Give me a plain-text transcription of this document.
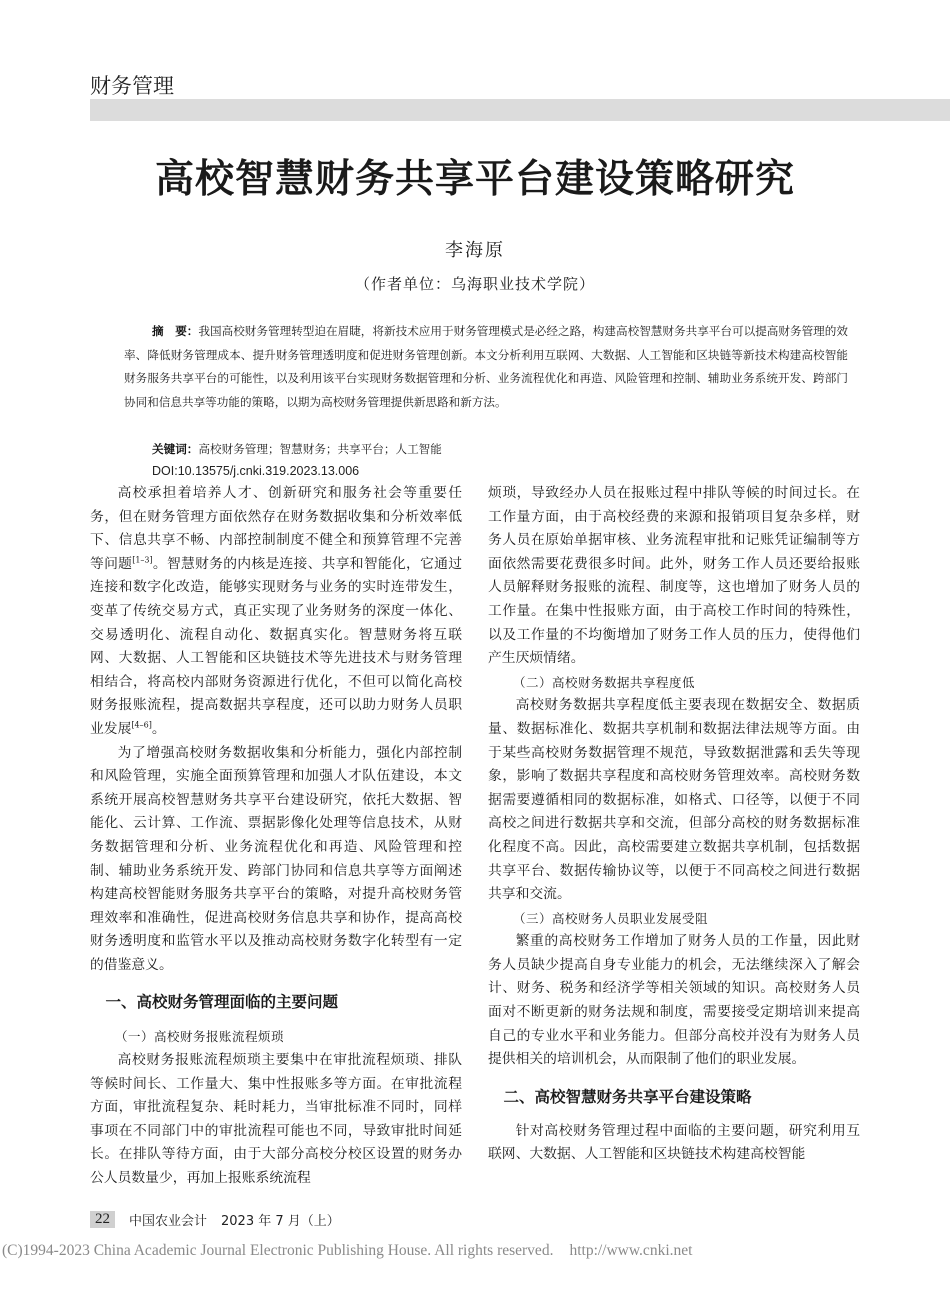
财务管理
高校智慧财务共享平台建设策略研究
李海原
（作者单位：乌海职业技术学院）
摘　要：我国高校财务管理转型迫在眉睫，将新技术应用于财务管理模式是必经之路，构建高校智慧财务共享平台可以提高财务管理的效率、降低财务管理成本、提升财务管理透明度和促进财务管理创新。本文分析利用互联网、大数据、人工智能和区块链等新技术构建高校智能财务服务共享平台的可能性，以及利用该平台实现财务数据管理和分析、业务流程优化和再造、风险管理和控制、辅助业务系统开发、跨部门协同和信息共享等功能的策略，以期为高校财务管理提供新思路和新方法。
关键词：高校财务管理；智慧财务；共享平台；人工智能
DOI:10.13575/j.cnki.319.2023.13.006

高校承担着培养人才、创新研究和服务社会等重要任务，但在财务管理方面依然存在财务数据收集和分析效率低下、信息共享不畅、内部控制制度不健全和预算管理不完善等问题[1–3]。智慧财务的内核是连接、共享和智能化，它通过连接和数字化改造，能够实现财务与业务的实时连带发生，变革了传统交易方式，真正实现了业务财务的深度一体化、交易透明化、流程自动化、数据真实化。智慧财务将互联网、大数据、人工智能和区块链技术等先进技术与财务管理相结合，将高校内部财务资源进行优化，不但可以简化高校财务报账流程，提高数据共享程度，还可以助力财务人员职业发展[4–6]。

为了增强高校财务数据收集和分析能力，强化内部控制和风险管理，实施全面预算管理和加强人才队伍建设，本文系统开展高校智慧财务共享平台建设研究，依托大数据、智能化、云计算、工作流、票据影像化处理等信息技术，从财务数据管理和分析、业务流程优化和再造、风险管理和控制、辅助业务系统开发、跨部门协同和信息共享等方面阐述构建高校智能财务服务共享平台的策略，对提升高校财务管理效率和准确性，促进高校财务信息共享和协作，提高高校财务透明度和监管水平以及推动高校财务数字化转型有一定的借鉴意义。

一、高校财务管理面临的主要问题

（一）高校财务报账流程烦琐

高校财务报账流程烦琐主要集中在审批流程烦琐、排队等候时间长、工作量大、集中性报账多等方面。在审批流程方面，审批流程复杂、耗时耗力，当审批标准不同时，同样事项在不同部门中的审批流程可能也不同，导致审批时间延长。在排队等待方面，由于大部分高校分校区设置的财务办公人员数量少，再加上报账系统流程

烦琐，导致经办人员在报账过程中排队等候的时间过长。在工作量方面，由于高校经费的来源和报销项目复杂多样，财务人员在原始单据审核、业务流程审批和记账凭证编制等方面依然需要花费很多时间。此外，财务工作人员还要给报账人员解释财务报账的流程、制度等，这也增加了财务人员的工作量。在集中性报账方面，由于高校工作时间的特殊性，以及工作量的不均衡增加了财务工作人员的压力，使得他们产生厌烦情绪。

（二）高校财务数据共享程度低

高校财务数据共享程度低主要表现在数据安全、数据质量、数据标准化、数据共享机制和数据法律法规等方面。由于某些高校财务数据管理不规范，导致数据泄露和丢失等现象，影响了数据共享程度和高校财务管理效率。高校财务数据需要遵循相同的数据标准，如格式、口径等，以便于不同高校之间进行数据共享和交流，但部分高校的财务数据标准化程度不高。因此，高校需要建立数据共享机制，包括数据共享平台、数据传输协议等，以便于不同高校之间进行数据共享和交流。

（三）高校财务人员职业发展受阻

繁重的高校财务工作增加了财务人员的工作量，因此财务人员缺少提高自身专业能力的机会，无法继续深入了解会计、财务、税务和经济学等相关领域的知识。高校财务人员面对不断更新的财务法规和制度，需要接受定期培训来提高自己的专业水平和业务能力。但部分高校并没有为财务人员提供相关的培训机会，从而限制了他们的职业发展。

二、高校智慧财务共享平台建设策略

针对高校财务管理过程中面临的主要问题，研究利用互联网、大数据、人工智能和区块链技术构建高校智能

22	中国农业会计 2023 年 7 月（上）
(C)1994-2023 China Academic Journal Electronic Publishing House. All rights reserved. http://www.cnki.net
